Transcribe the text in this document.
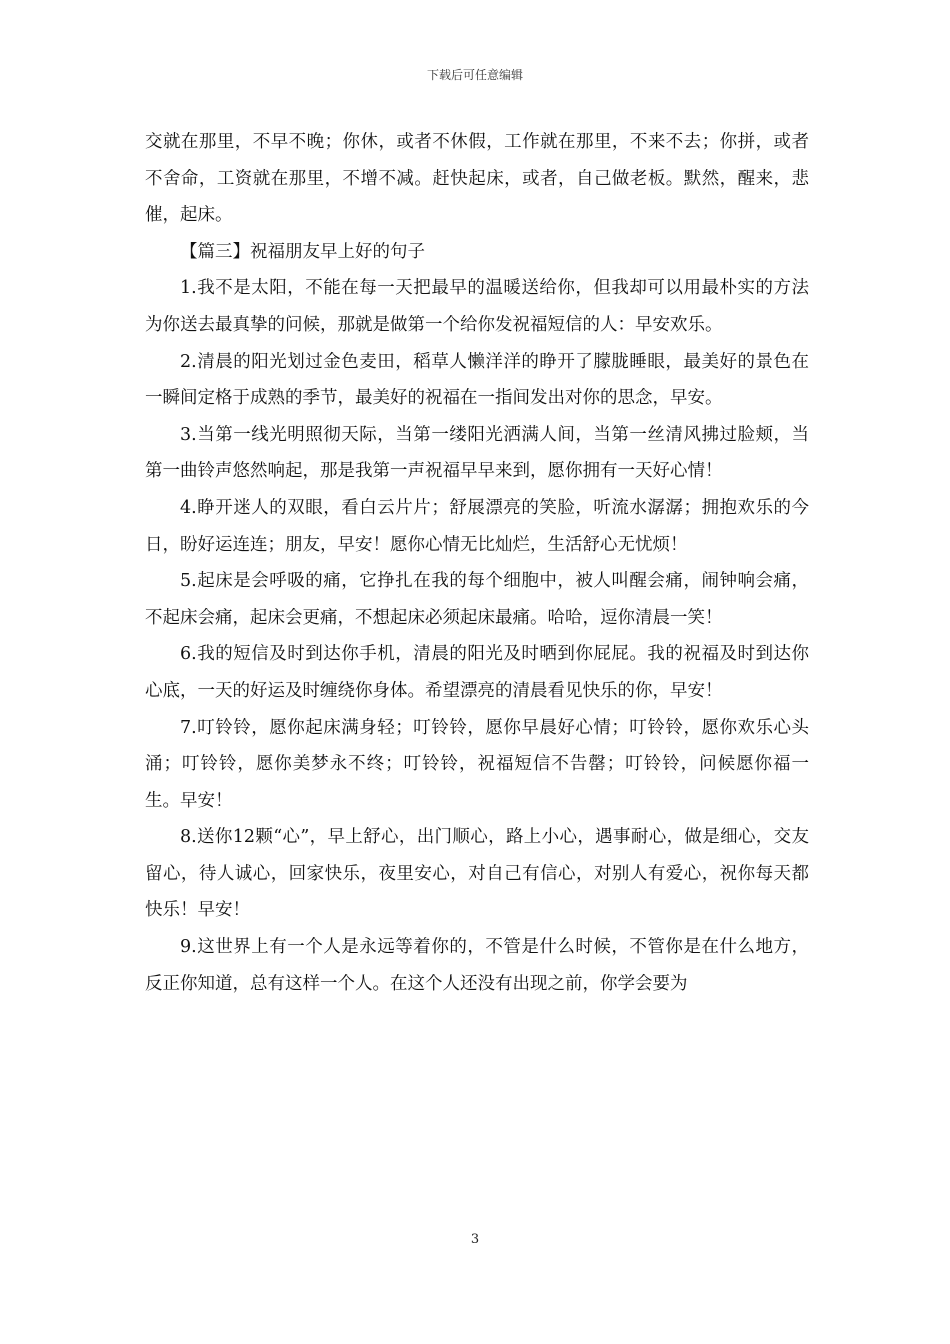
下载后可任意编辑

交就在那里，不早不晚；你休，或者不休假，工作就在那里，不来不去；你拼，或者不舍命，工资就在那里，不增不减。赶快起床，或者，自己做老板。默然，醒来，悲催，起床。

【篇三】祝福朋友早上好的句子

1.我不是太阳，不能在每一天把最早的温暖送给你，但我却可以用最朴实的方法为你送去最真挚的问候，那就是做第一个给你发祝福短信的人：早安欢乐。

2.清晨的阳光划过金色麦田，稻草人懒洋洋的睁开了朦胧睡眼，最美好的景色在一瞬间定格于成熟的季节，最美好的祝福在一指间发出对你的思念，早安。

3.当第一线光明照彻天际，当第一缕阳光洒满人间，当第一丝清风拂过脸颊，当第一曲铃声悠然响起，那是我第一声祝福早早来到，愿你拥有一天好心情！

4.睁开迷人的双眼，看白云片片；舒展漂亮的笑脸，听流水潺潺；拥抱欢乐的今日，盼好运连连；朋友，早安！愿你心情无比灿烂，生活舒心无忧烦！

5.起床是会呼吸的痛，它挣扎在我的每个细胞中，被人叫醒会痛，闹钟响会痛，不起床会痛，起床会更痛，不想起床必须起床最痛。哈哈，逗你清晨一笑！

6.我的短信及时到达你手机，清晨的阳光及时晒到你屁屁。我的祝福及时到达你心底，一天的好运及时缠绕你身体。希望漂亮的清晨看见快乐的你，早安！

7.叮铃铃，愿你起床满身轻；叮铃铃，愿你早晨好心情；叮铃铃，愿你欢乐心头涌；叮铃铃，愿你美梦永不终；叮铃铃，祝福短信不告罄；叮铃铃，问候愿你福一生。早安！

8.送你12颗“心”，早上舒心，出门顺心，路上小心，遇事耐心，做是细心，交友留心，待人诚心，回家快乐，夜里安心，对自己有信心，对别人有爱心，祝你每天都快乐！早安！

9.这世界上有一个人是永远等着你的，不管是什么时候，不管你是在什么地方，反正你知道，总有这样一个人。在这个人还没有出现之前，你学会要为

3
